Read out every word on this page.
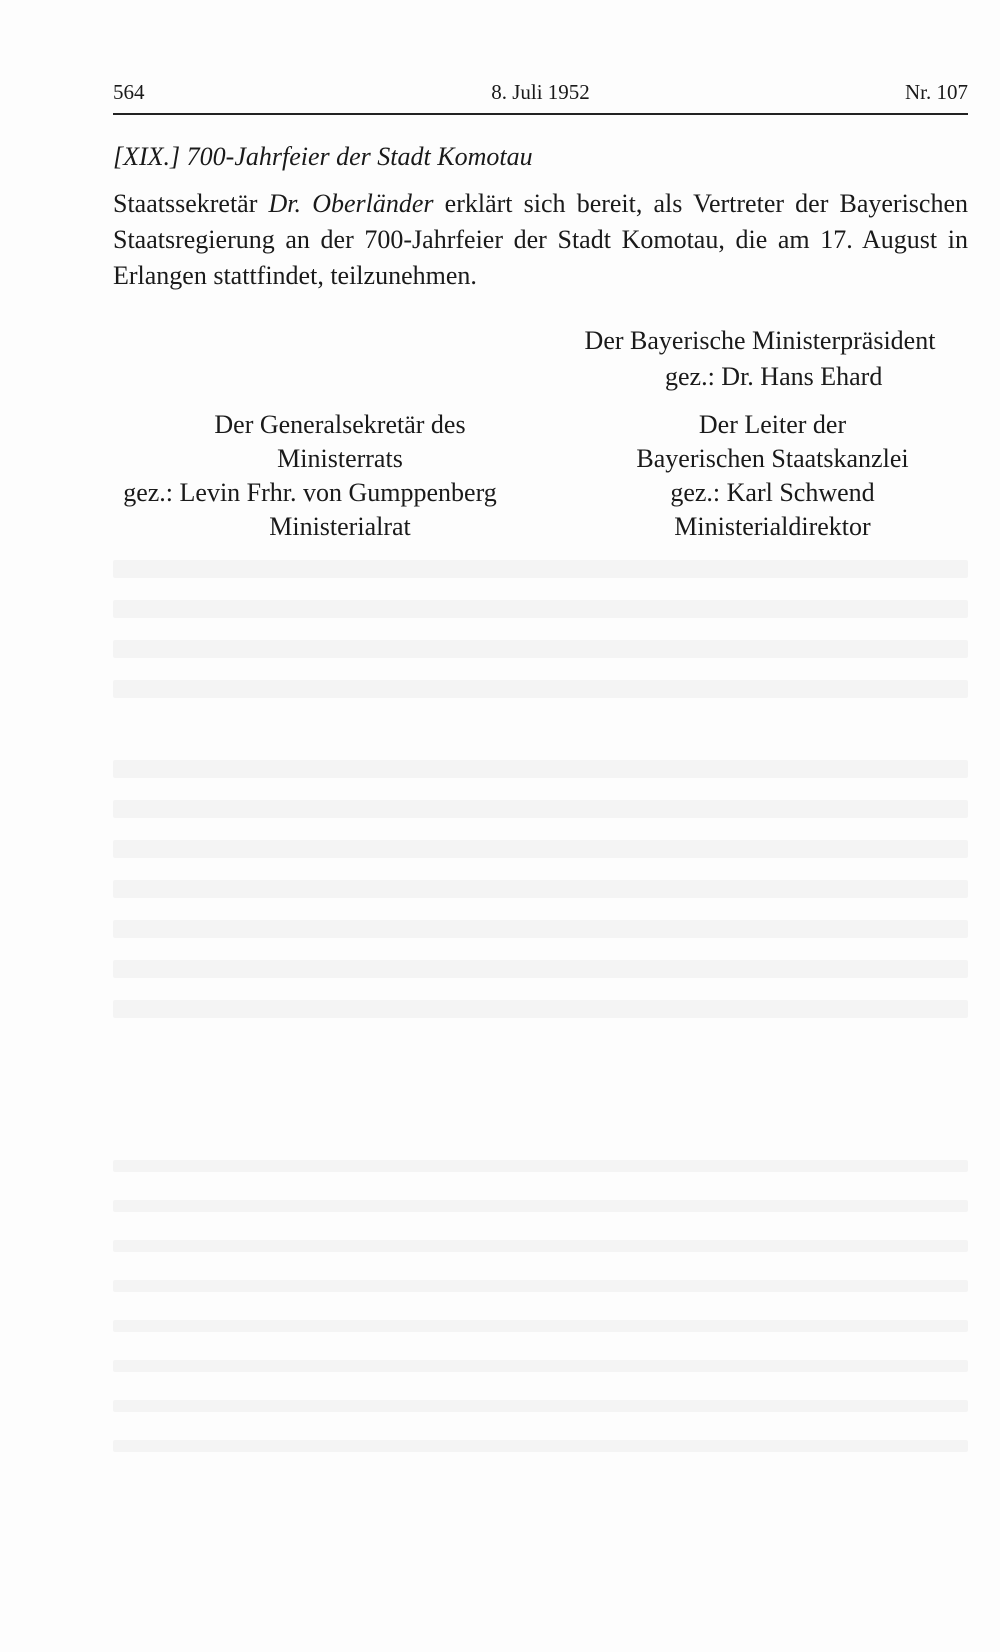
564	8. Juli 1952	Nr. 107
[XIX.] 700-Jahrfeier der Stadt Komotau
Staatssekretär Dr. Oberländer erklärt sich bereit, als Vertreter der Bayerischen Staatsregierung an der 700-Jahrfeier der Stadt Komotau, die am 17. August in Erlangen stattfindet, teilzunehmen.
Der Bayerische Ministerpräsident
gez.: Dr. Hans Ehard
Der Generalsekretär des
Ministerrats
gez.: Levin Frhr. von Gumppenberg
Ministerialrat
Der Leiter der
Bayerischen Staatskanzlei
gez.: Karl Schwend
Ministerialdirektor
